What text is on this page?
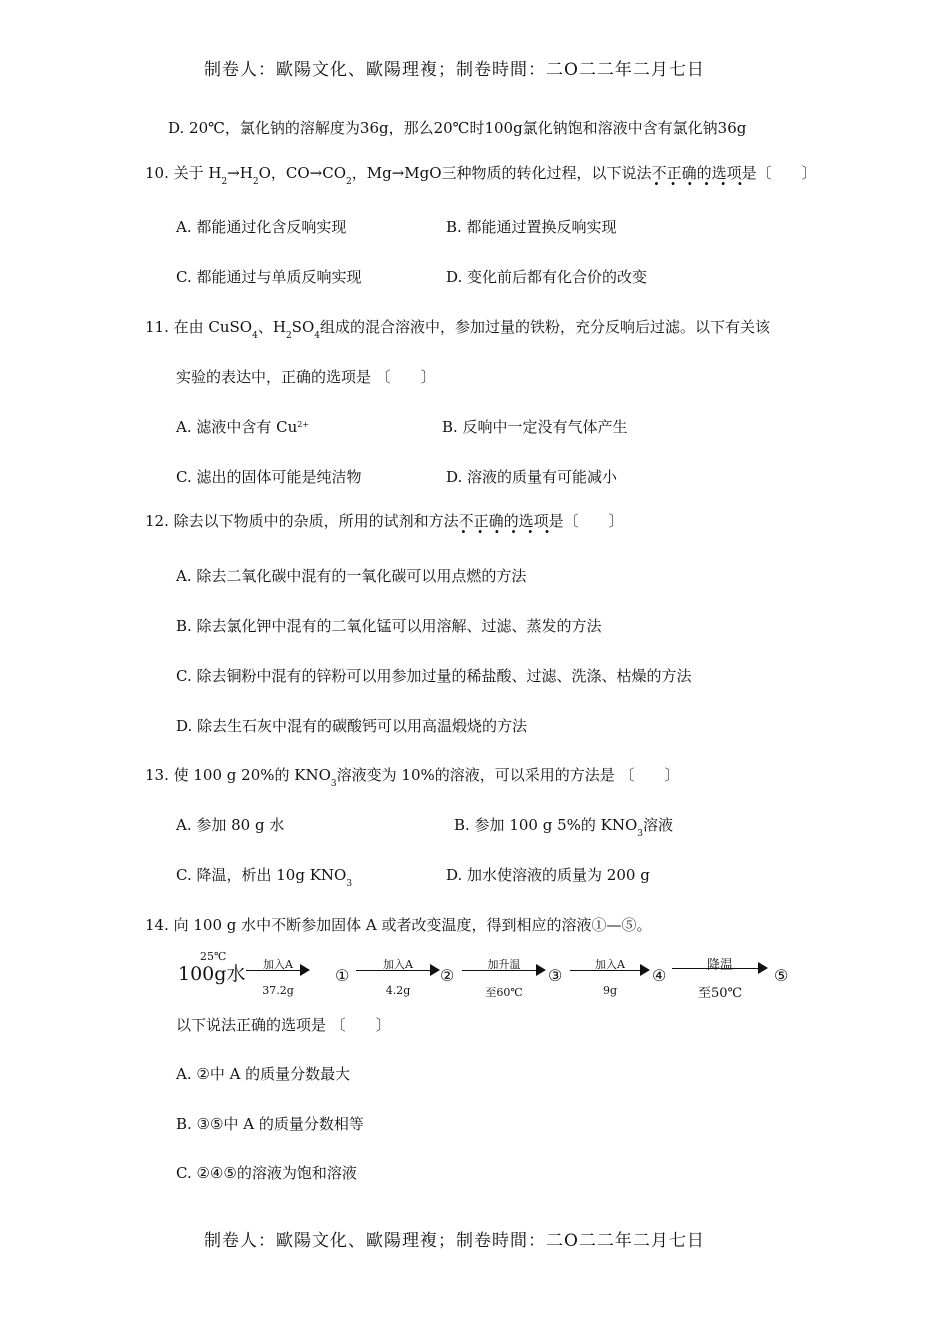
制卷人：歐陽文化、歐陽理複；制卷時間：二O二二年二月七日
D. 20℃，氯化钠的溶解度为36g，那么20℃时100g氯化钠饱和溶液中含有氯化钠36g
10. 关于 $H_2\to H_2O$，$CO\to CO_2$，Mg→MgO三种物质的转化过程，以下说法不正确的选项是 ·  · 〔　　〕
A. 都能通过化含反响实现	B. 都能通过置换反响实现
C. 都能通过与单质反响实现	D. 变化前后都有化合价的改变
11. 在由 CuSO$_4$、$H_2SO_4$组成的混合溶液中，参加过量的铁粉，充分反响后过滤。以下有关该
实验的表达中，正确的选项是 〔　　〕
A. 滤液中含有 $Cu^{2+}$	B. 反响中一定没有气体产生
C. 滤出的固体可能是纯洁物	D. 溶液的质量有可能减小
12. 除去以下物质中的杂质，所用的试剂和方法不正确的选项是 ·  · 〔　　〕
A. 除去二氧化碳中混有的一氧化碳可以用点燃的方法
B. 除去氯化钾中混有的二氧化锰可以用溶解、过滤、蒸发的方法
C. 除去铜粉中混有的锌粉可以用参加过量的稀盐酸、过滤、洗涤、枯燥的方法
D. 除去生石灰中混有的碳酸钙可以用高温煅烧的方法
13. 使 100 g 20%的 $KNO_3$溶液变为 10%的溶液，可以采用的方法是 〔　　〕
A. 参加 80 g 水	B. 参加 100 g 5%的 $KNO_3$溶液
C. 降温，析出 10g $KNO_3$	D. 加水使溶液的质量为 200 g
14. 向 100 g 水中不断参加固体 A 或者改变温度，得到相应的溶液①—⑤。
25℃
100g水	加入A
37.2g
①
加入A
4.2g
②
加升温
至60℃
③
加入A
9g
④
降温
至50℃
⑤
以下说法正确的选项是 〔　　〕
A. ②中 A 的质量分数最大
B. ③⑤中 A 的质量分数相等
C. ②④⑤的溶液为饱和溶液
制卷人：歐陽文化、歐陽理複；制卷時間：二O二二年二月七日
